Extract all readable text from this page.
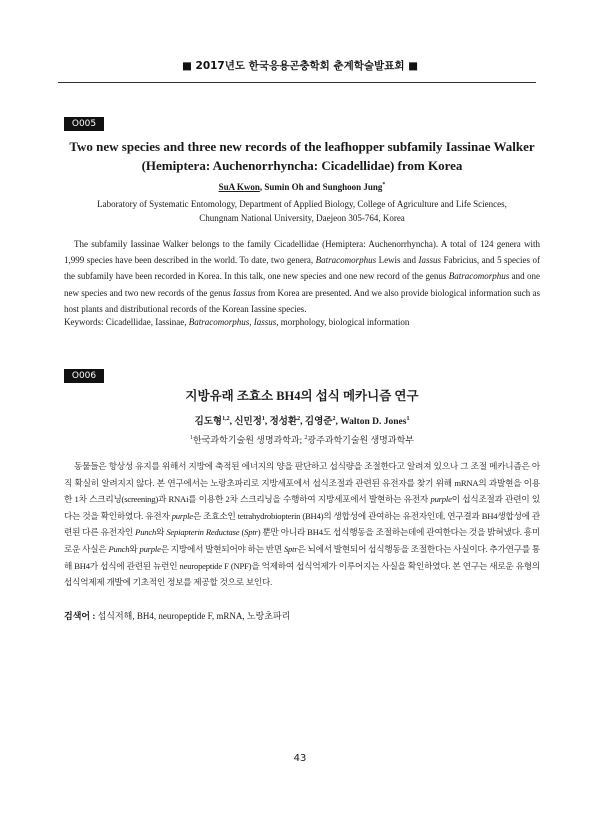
■ 2017년도 한국응용곤충학회 춘계학술발표회 ■
O005
Two new species and three new records of the leafhopper subfamily Iassinae Walker
(Hemiptera: Auchenorrhyncha: Cicadellidae) from Korea
SuA Kwon, Sumin Oh and Sunghoon Jung*
Laboratory of Systematic Entomology, Department of Applied Biology, College of Agriculture and Life Sciences,
Chungnam National University, Daejeon 305-764, Korea

The subfamily Iassinae Walker belongs to the family Cicadellidae (Hemiptera: Auchenorrhyncha). A total of 124 genera with 1,999 species have been described in the world. To date, two genera, Batracomorphus Lewis and Iassus Fabricius, and 5 species of the subfamily have been recorded in Korea. In this talk, one new species and one new record of the genus Batracomorphus and one new species and two new records of the genus Iassus from Korea are presented. And we also provide biological information such as host plants and distributional records of the Korean Iassine species.

Keywords: Cicadellidae, Iassinae, Batracomorphus, Iassus, morphology, biological information

O006
지방유래 조효소 BH4의 섭식 메카니즘 연구
김도형$^{1,2}$, 신민정$^1$, 정성환$^2$, 김영준$^2$, Walton D. Jones$^1$
$^1$한국과학기술원 생명과학과; $^2$광주과학기술원 생명과학부

동물들은 항상성 유지를 위해서 지방에 축적된 에너지의 양을 판단하고 섭식량을 조절한다고 알려져 있으나 그 조절 메카니즘은 아직 확실히 알려지지 않다. 본 연구에서는 노랑초파리로 지방세포에서 섭식조절과 관련된 유전자를 찾기 위해 mRNA의 과발현을 이용한 1차 스크리닝(screening)과 RNAi를 이용한 2차 스크리닝을 수행하여 지방세포에서 발현하는 유전자 purple이 섭식조절과 관련이 있다는 것을 확인하였다. 유전자 purple은 조효소인 tetrahydrobiopterin (BH4)의 생합성에 관여하는 유전자인데, 연구결과 BH4생합성에 관련된 다른 유전자인 Punch와 Sepiapterin Reductase (Sptr) 뿐만 아니라 BH4도 섭식행동을 조절하는데에 관여한다는 것을 밝혀냈다. 흥미로운 사실은 Punch와 purple은 지방에서 발현되어야 하는 반면 Sptr은 뇌에서 발현되어 섭식행동을 조절한다는 사실이다. 추가연구를 통해 BH4가 섭식에 관련된 뉴런인 neuropeptide F (NPF)을 억제하여 섭식억제가 이루어지는 사실을 확인하였다. 본 연구는 새로운 유형의 섭식억제제 개발에 기초적인 정보를 제공할 것으로 보인다.

검색어 : 섭식저해, BH4, neuropeptide F, mRNA, 노랑초파리

43
